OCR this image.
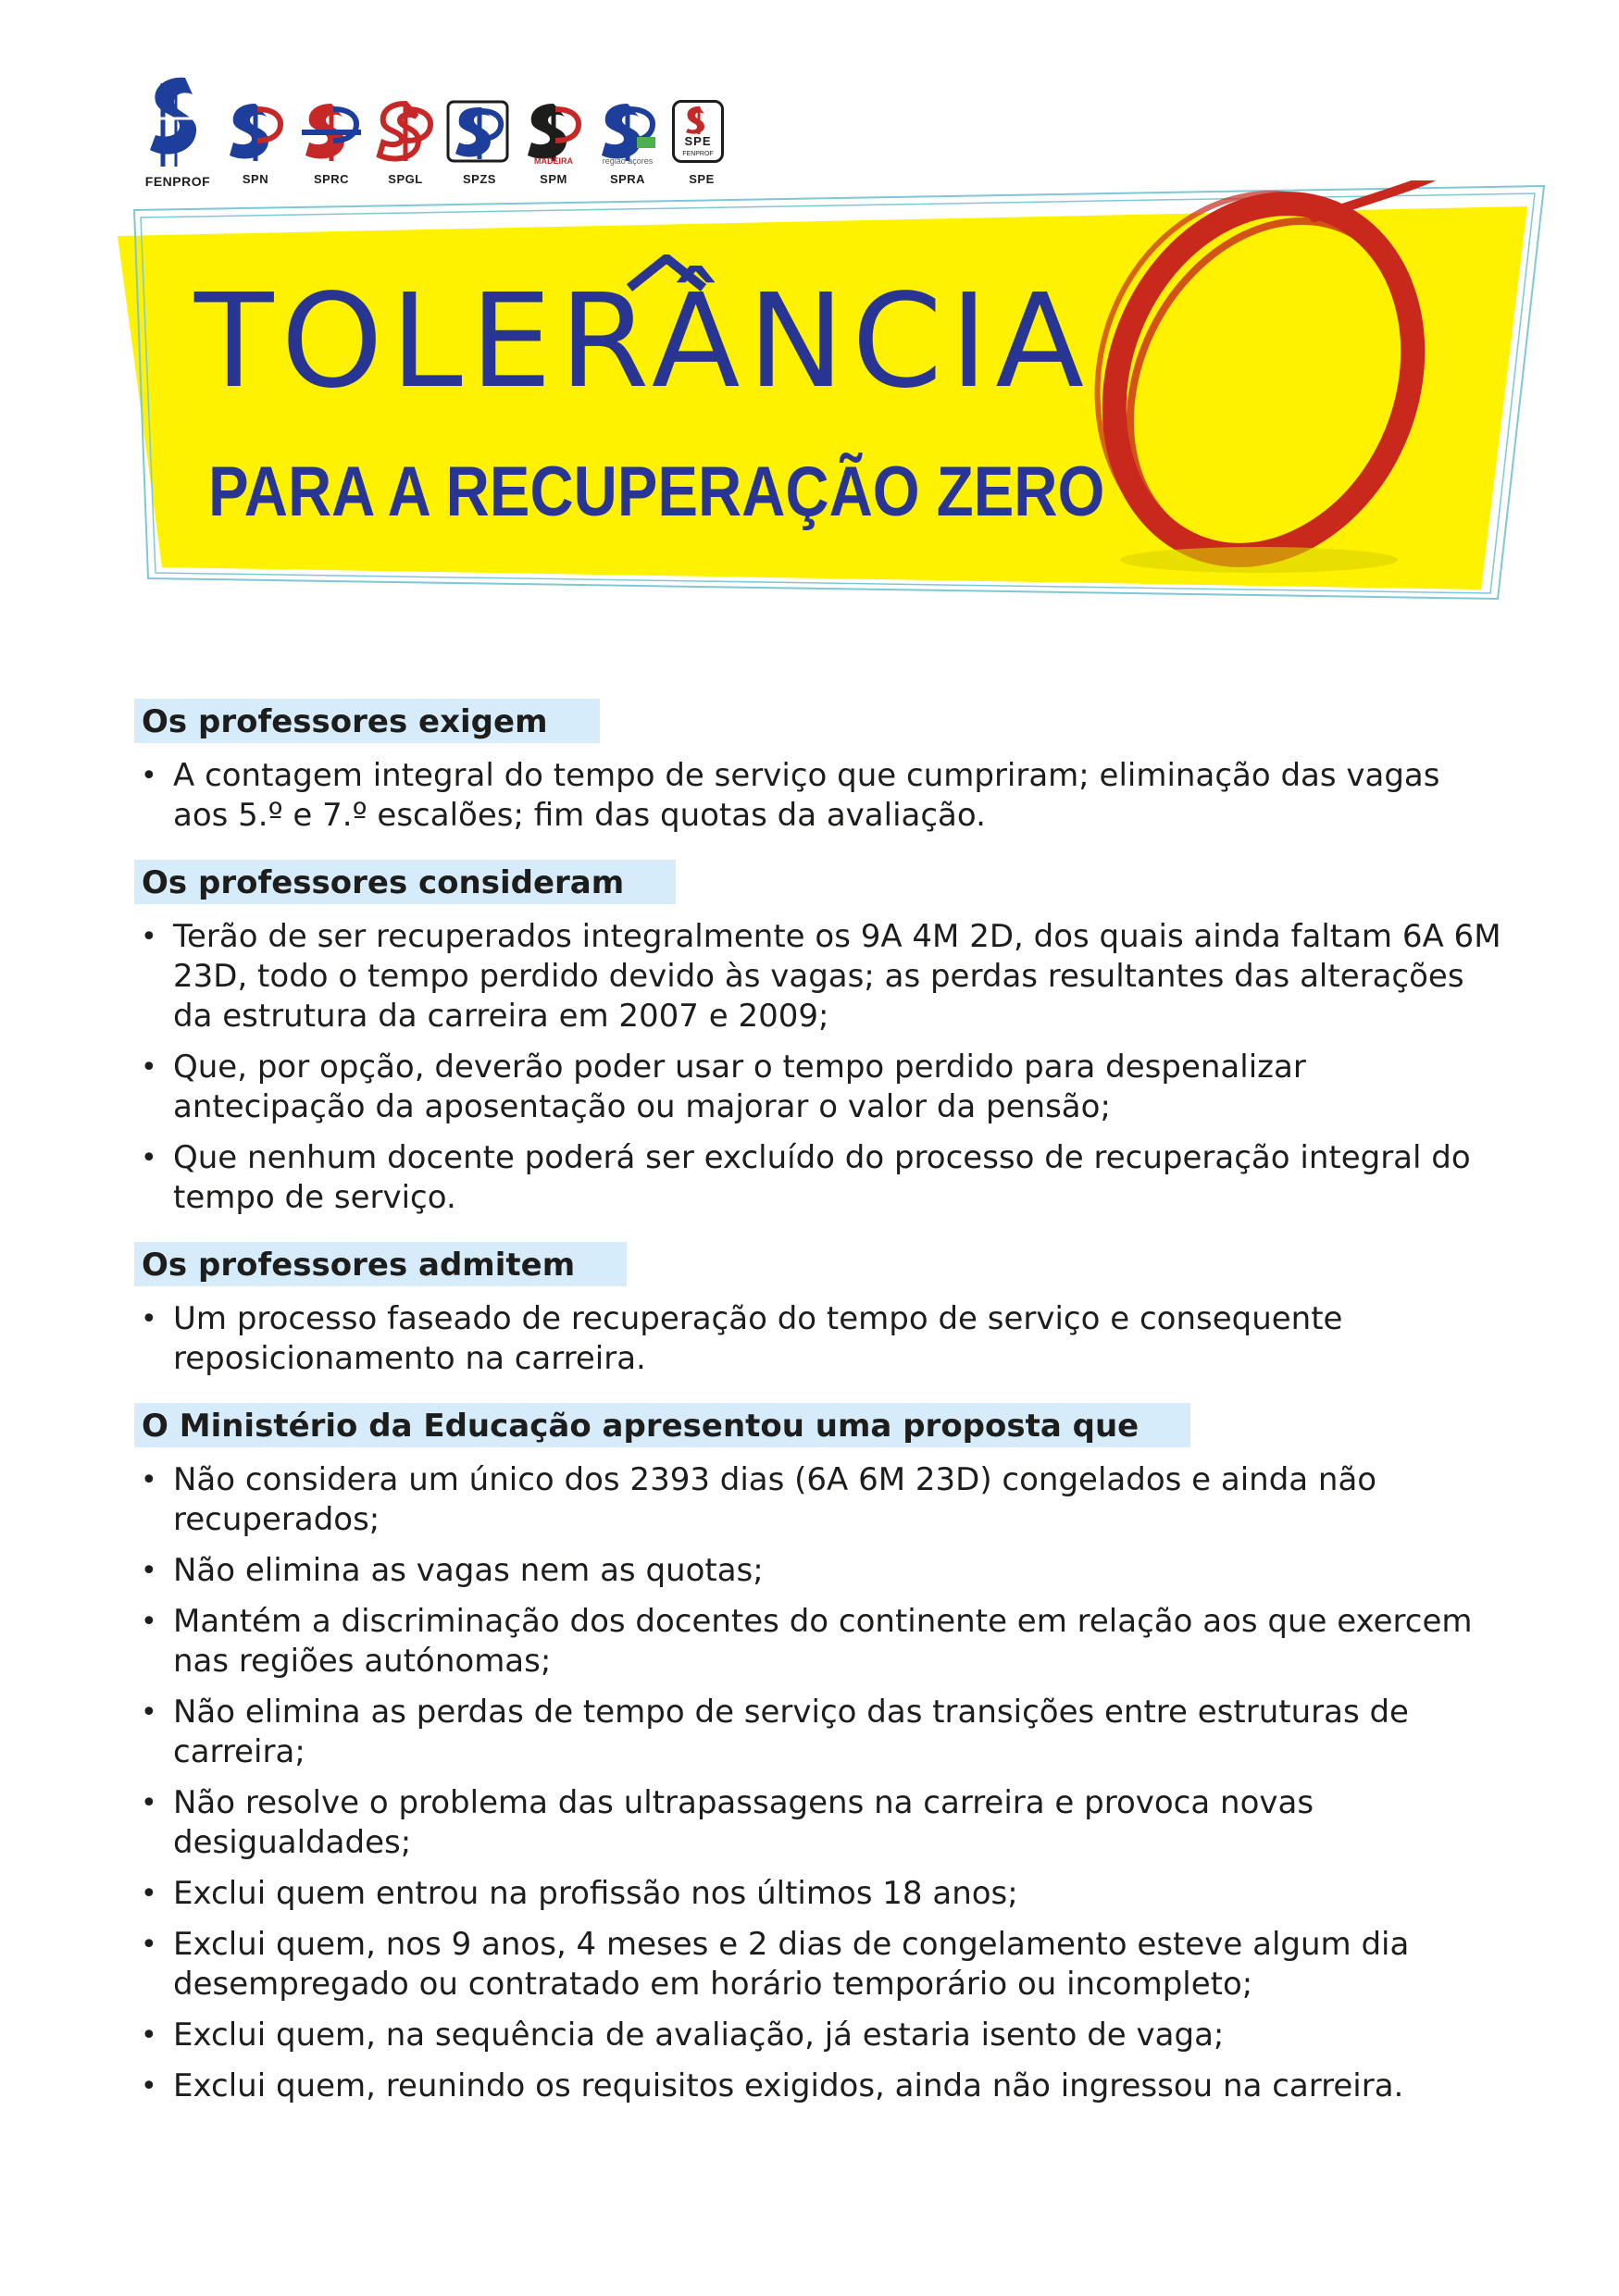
FENPROF	SPN	SPRC	SPGL	SPZS
MADEIRA
SPM
região açores
SPRA
SPE
FENPROF
SPE
TOLERÂNCIA
PARA A RECUPERAÇÃO ZERO
Os professores exigem
• A contagem integral do tempo de serviço que cumpriram; eliminação das vagas aos 5.º e 7.º escalões; fim das quotas da avaliação.
Os professores consideram
• Terão de ser recuperados integralmente os 9A 4M 2D, dos quais ainda faltam 6A 6M 23D, todo o tempo perdido devido às vagas; as perdas resultantes das alterações da estrutura da carreira em 2007 e 2009;
• Que, por opção, deverão poder usar o tempo perdido para despenalizar antecipação da aposentação ou majorar o valor da pensão;
• Que nenhum docente poderá ser excluído do processo de recuperação integral do tempo de serviço.
Os professores admitem
• Um processo faseado de recuperação do tempo de serviço e consequente reposicionamento na carreira.
O Ministério da Educação apresentou uma proposta que
• Não considera um único dos 2393 dias (6A 6M 23D) congelados e ainda não recuperados;
• Não elimina as vagas nem as quotas;
• Mantém a discriminação dos docentes do continente em relação aos que exercem nas regiões autónomas;
• Não elimina as perdas de tempo de serviço das transições entre estruturas de carreira;
• Não resolve o problema das ultrapassagens na carreira e provoca novas desigualdades;
• Exclui quem entrou na profissão nos últimos 18 anos;
• Exclui quem, nos 9 anos, 4 meses e 2 dias de congelamento esteve algum dia desempregado ou contratado em horário temporário ou incompleto;
• Exclui quem, na sequência de avaliação, já estaria isento de vaga;
• Exclui quem, reunindo os requisitos exigidos, ainda não ingressou na carreira.
